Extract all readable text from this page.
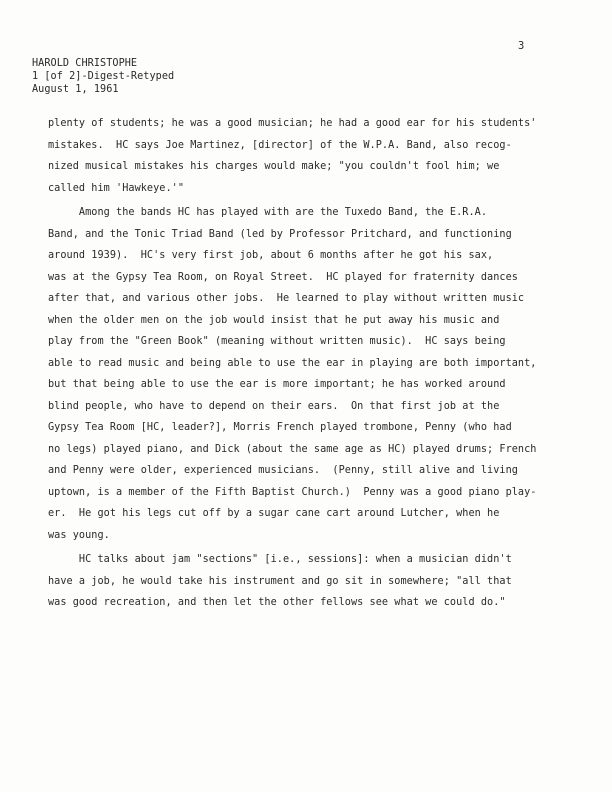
3
HAROLD CHRISTOPHE
1 [of 2]-Digest-Retyped
August 1, 1961
plenty of students; he was a good musician; he had a good ear for his students'
mistakes.  HC says Joe Martinez, [director] of the W.P.A. Band, also recog-
nized musical mistakes his charges would make; "you couldn't fool him; we
called him 'Hawkeye.'"
Among the bands HC has played with are the Tuxedo Band, the E.R.A.
Band, and the Tonic Triad Band (led by Professor Pritchard, and functioning
around 1939).  HC's very first job, about 6 months after he got his sax,
was at the Gypsy Tea Room, on Royal Street.  HC played for fraternity dances
after that, and various other jobs.  He learned to play without written music
when the older men on the job would insist that he put away his music and
play from the "Green Book" (meaning without written music).  HC says being
able to read music and being able to use the ear in playing are both important,
but that being able to use the ear is more important; he has worked around
blind people, who have to depend on their ears.  On that first job at the
Gypsy Tea Room [HC, leader?], Morris French played trombone, Penny (who had
no legs) played piano, and Dick (about the same age as HC) played drums; French
and Penny were older, experienced musicians.  (Penny, still alive and living
uptown, is a member of the Fifth Baptist Church.)  Penny was a good piano play-
er.  He got his legs cut off by a sugar cane cart around Lutcher, when he
was young.
HC talks about jam "sections" [i.e., sessions]: when a musician didn't
have a job, he would take his instrument and go sit in somewhere; "all that
was good recreation, and then let the other fellows see what we could do."
